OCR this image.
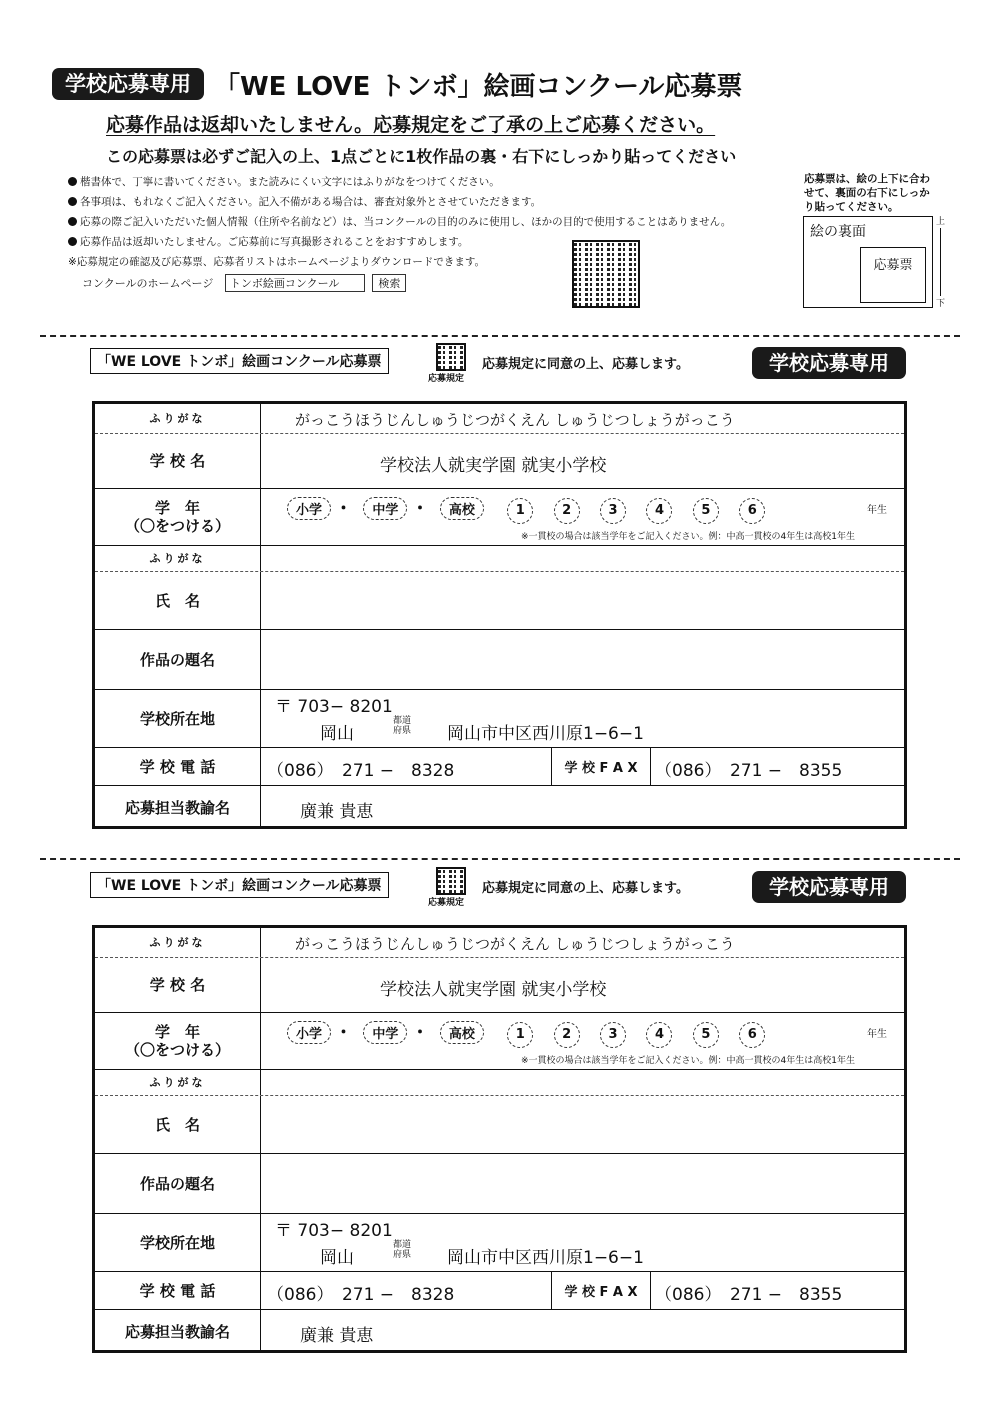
学校応募専用 「WE LOVE トンボ」絵画コンクール応募票
応募作品は返却いたしません。応募規定をご了承の上ご応募ください。
この応募票は必ずご記入の上、1点ごとに1枚作品の裏・右下にしっかり貼ってください
楷書体で、丁寧に書いてください。また読みにくい文字にはふりがなをつけてください。
各事項は、もれなくご記入ください。記入不備がある場合は、審査対象外とさせていただきます。
応募の際ご記入いただいた個人情報（住所や名前など）は、当コンクールの目的のみに使用し、ほかの目的で使用することはありません。
応募作品は返却いたしません。ご応募前に写真撮影されることをおすすめします。
※応募規定の確認及び応募票、応募者リストはホームページよりダウンロードできます。
コンクールのホームページ トンボ絵画コンクール	検索
応募票は、絵の上下に合わせて、裏面の右下にしっかり貼ってください。
絵の裏面
応募票
上
下
「WE LOVE トンボ」絵画コンクール応募票
応募規定
応募規定に同意の上、応募します。	学校応募専用
ふりがな	がっこうほうじんしゅうじつがくえん しゅうじつしょうがっこう
学 校 名	学校法人就実学園 就実小学校
学　年
（〇をつける）
小学 ・ 中学 ・ 高校	1	2	3	4	5	6	年生
※一貫校の場合は該当学年をご記入ください。例：中高一貫校の4年生は高校1年生
ふりがな
氏　名
作品の題名
学校所在地
〒 703− 8201
岡山
都道府県	岡山市中区西川原1−6−1
学 校 電 話	（086）　271 −　8328	学 校 F A X	（086）　271 −　8355
応募担当教諭名	廣兼 貴恵
「WE LOVE トンボ」絵画コンクール応募票
応募規定
応募規定に同意の上、応募します。	学校応募専用
ふりがな	がっこうほうじんしゅうじつがくえん しゅうじつしょうがっこう
学 校 名	学校法人就実学園 就実小学校
学　年
（〇をつける）
小学 ・ 中学 ・ 高校	1	2	3	4	5	6	年生
※一貫校の場合は該当学年をご記入ください。例：中高一貫校の4年生は高校1年生
ふりがな
氏　名
作品の題名
学校所在地
〒 703− 8201
岡山
都道府県	岡山市中区西川原1−6−1
学 校 電 話	（086）　271 −　8328	学 校 F A X	（086）　271 −　8355
応募担当教諭名	廣兼 貴恵
